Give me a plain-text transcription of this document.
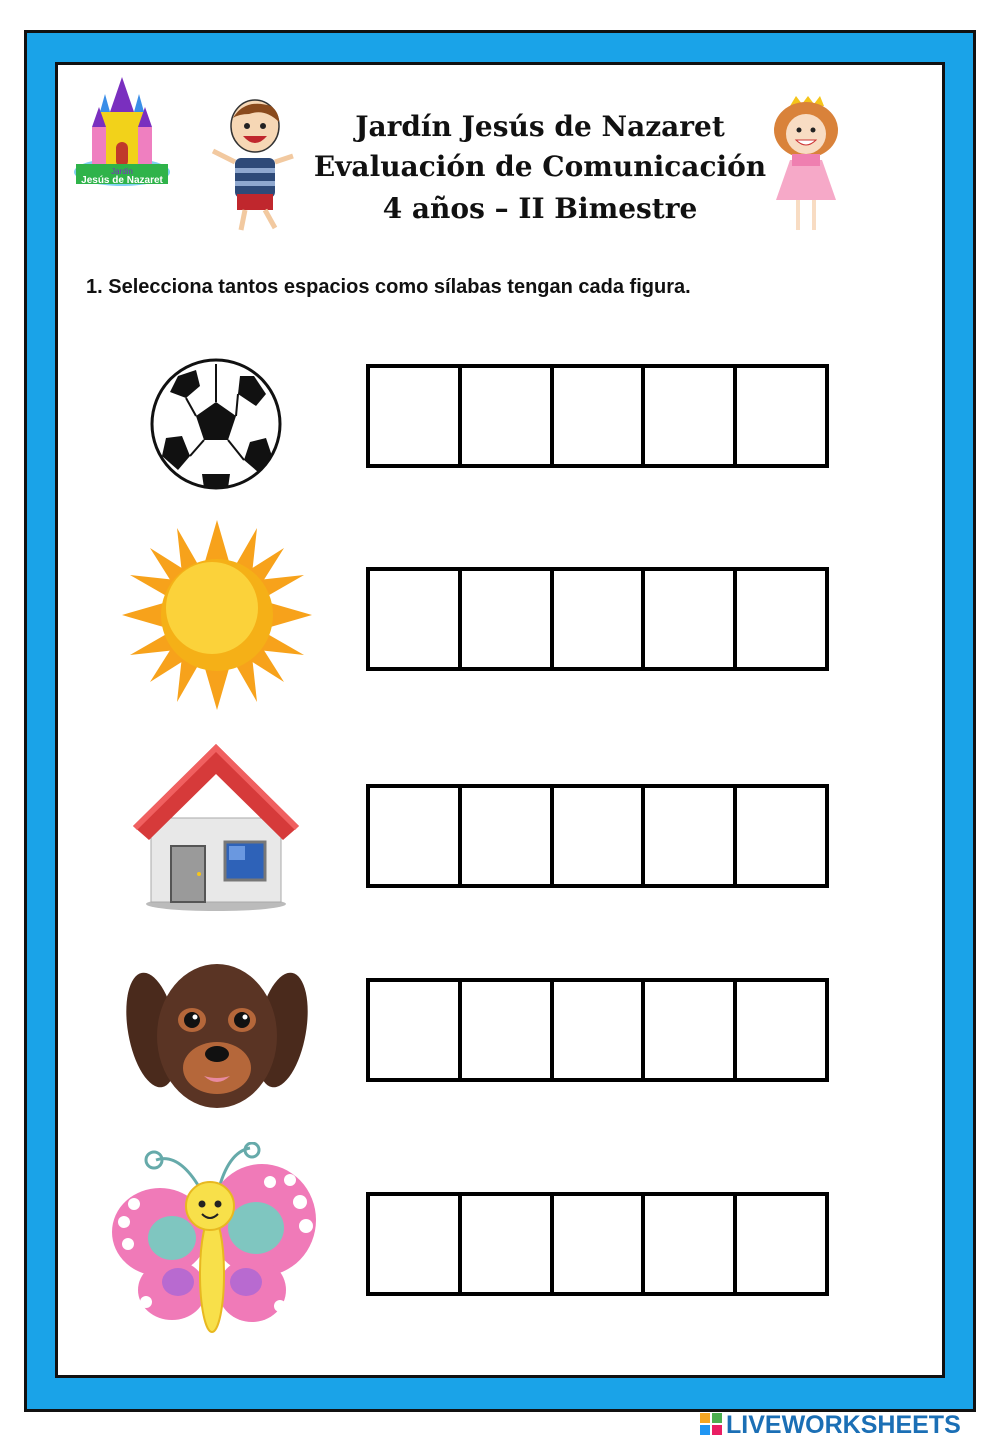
Jardin
Jesús de Nazaret
Jardín Jesús de Nazaret
Evaluación de Comunicación
4 años – II Bimestre
1. Selecciona tantos espacios como sílabas tengan cada figura.
LIVEWORKSHEETS
